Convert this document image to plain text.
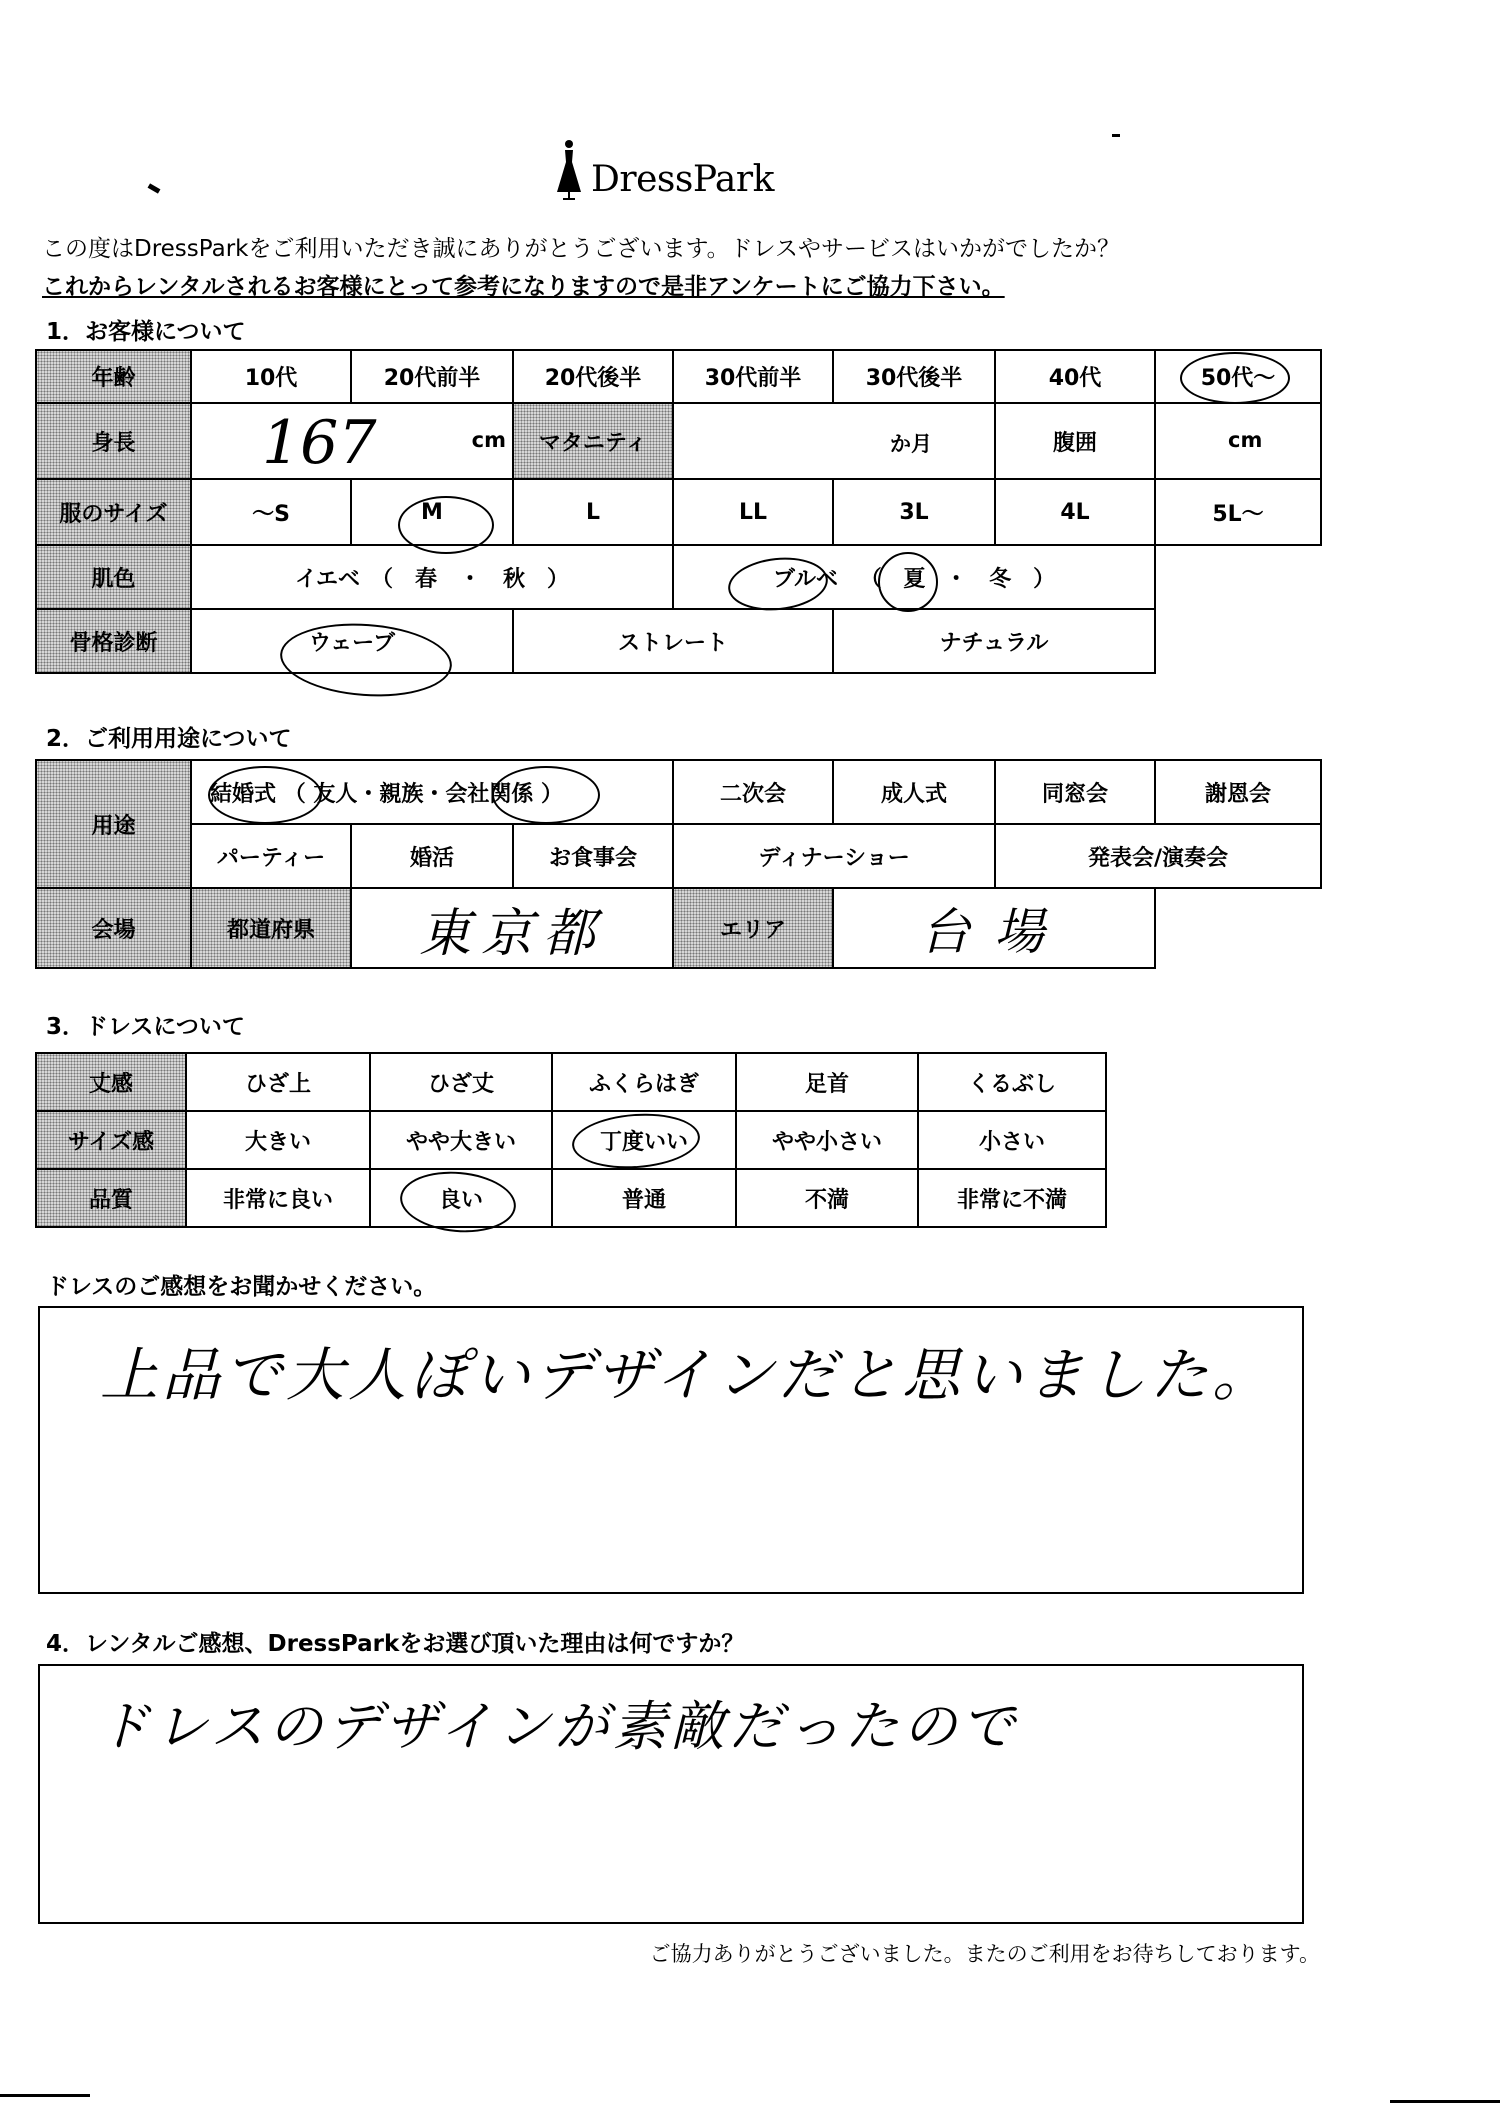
DressPark
この度はDressParkをご利用いただき誠にありがとうございます。ドレスやサービスはいかがでしたか？
これからレンタルされるお客様にとって参考になりますので是非アンケートにご協力下さい。
1．お客様について
年齢	10代	20代前半	20代後半	30代前半	30代後半	40代	50代～
身長	167 cm		マタニティ	か月		腹囲	cm

服のサイズ	～S	M	L	LL	3L	4L	5L～
肌色	イエベ　（　春　・　秋　）			ブルベ （ 夏 ・　冬　）			
骨格診断	ウェーブ		ストレート		ナチュラル		
2．ご利用用途について
用途	結婚式 （ 友人・親族・会社関係 ）			二次会	成人式	同窓会	謝恩会
	パーティー	婚活	お食事会	ディナーショー		発表会/演奏会	
会場	都道府県	東京都		エリア	台場		
3．ドレスについて
丈感	ひざ上	ひざ丈	ふくらはぎ	足首	くるぶし
サイズ感	大きい	やや大きい	丁度いい	やや小さい	小さい
品質	非常に良い	良い	普通	不満	非常に不満
ドレスのご感想をお聞かせください。
上品で大人ぽいデザインだと思いました。
4．レンタルご感想、DressParkをお選び頂いた理由は何ですか？
ドレスのデザインが素敵だったので
ご協力ありがとうございました。またのご利用をお待ちしております。
